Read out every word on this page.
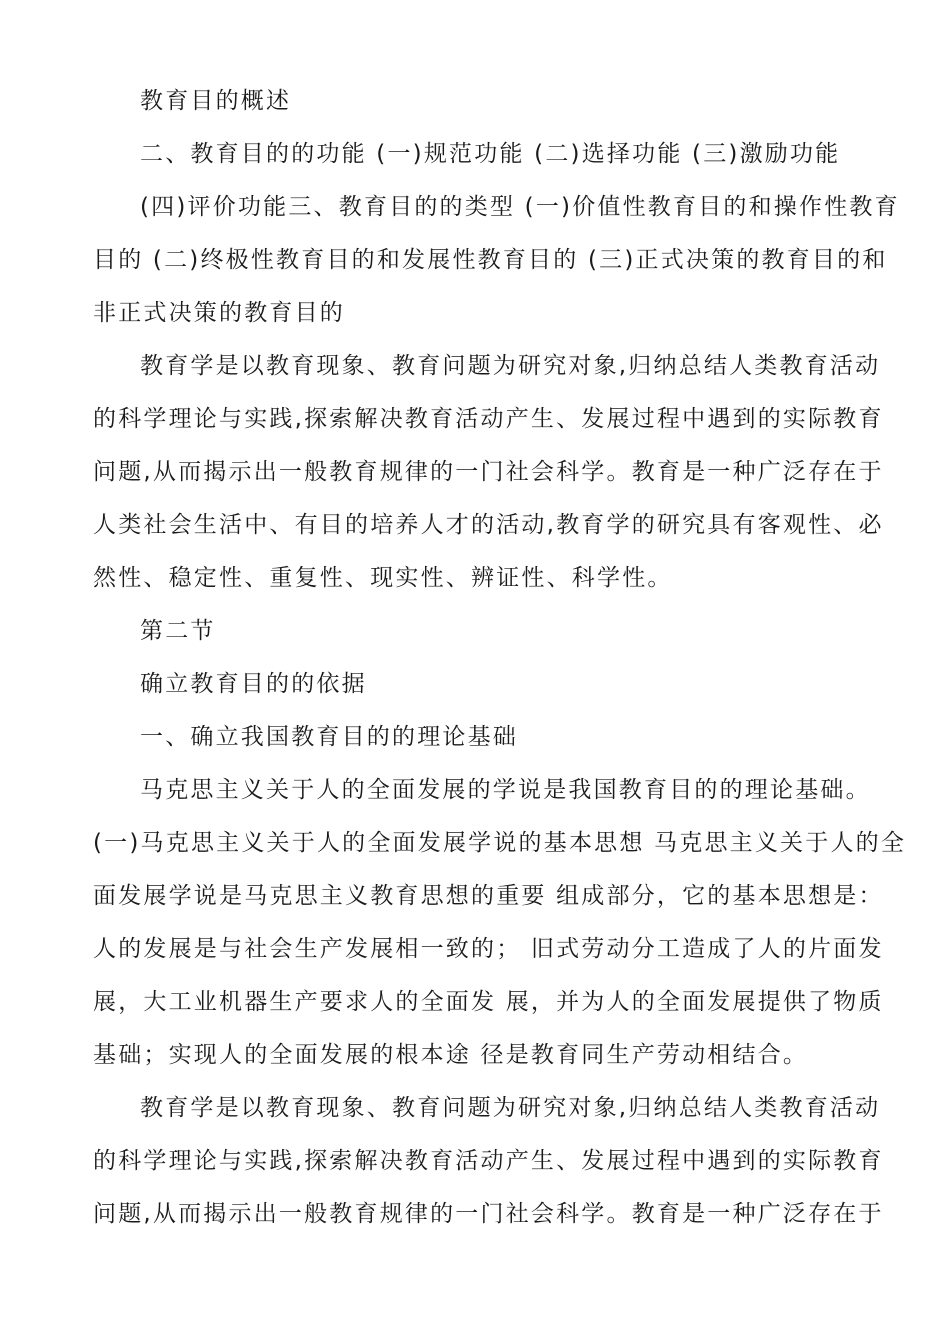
教育目的概述
二、教育目的的功能 (一)规范功能 (二)选择功能 (三)激励功能
(四)评价功能三、教育目的的类型 (一)价值性教育目的和操作性教育
目的 (二)终极性教育目的和发展性教育目的 (三)正式决策的教育目的和
非正式决策的教育目的
教育学是以教育现象、教育问题为研究对象,归纳总结人类教育活动
的科学理论与实践,探索解决教育活动产生、发展过程中遇到的实际教育
问题,从而揭示出一般教育规律的一门社会科学。教育是一种广泛存在于
人类社会生活中、有目的培养人才的活动,教育学的研究具有客观性、必
然性、稳定性、重复性、现实性、辨证性、科学性。
第二节
确立教育目的的依据
一、确立我国教育目的的理论基础
马克思主义关于人的全面发展的学说是我国教育目的的理论基础。
(一)马克思主义关于人的全面发展学说的基本思想 马克思主义关于人的全
面发展学说是马克思主义教育思想的重要 组成部分，它的基本思想是：
人的发展是与社会生产发展相一致的； 旧式劳动分工造成了人的片面发
展，大工业机器生产要求人的全面发 展，并为人的全面发展提供了物质
基础；实现人的全面发展的根本途 径是教育同生产劳动相结合。
教育学是以教育现象、教育问题为研究对象,归纳总结人类教育活动
的科学理论与实践,探索解决教育活动产生、发展过程中遇到的实际教育
问题,从而揭示出一般教育规律的一门社会科学。教育是一种广泛存在于
